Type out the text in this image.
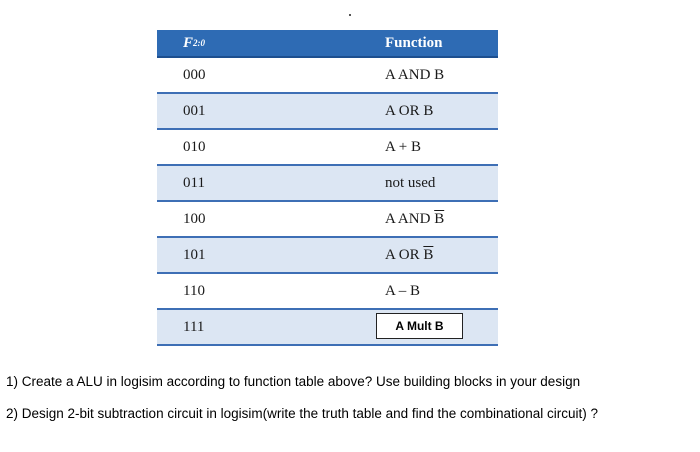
F 2:0	Function
000	A AND B
001	A OR B
010	A + B
011	not used
100	A AND $\overline{B}$
101	A OR $\overline{B}$
110	A – B
111	A Mult B

1) Create a ALU in logisim according to function table above? Use building blocks in your design

2) Design 2-bit subtraction circuit in logisim(write the truth table and find the combinational circuit) ?
